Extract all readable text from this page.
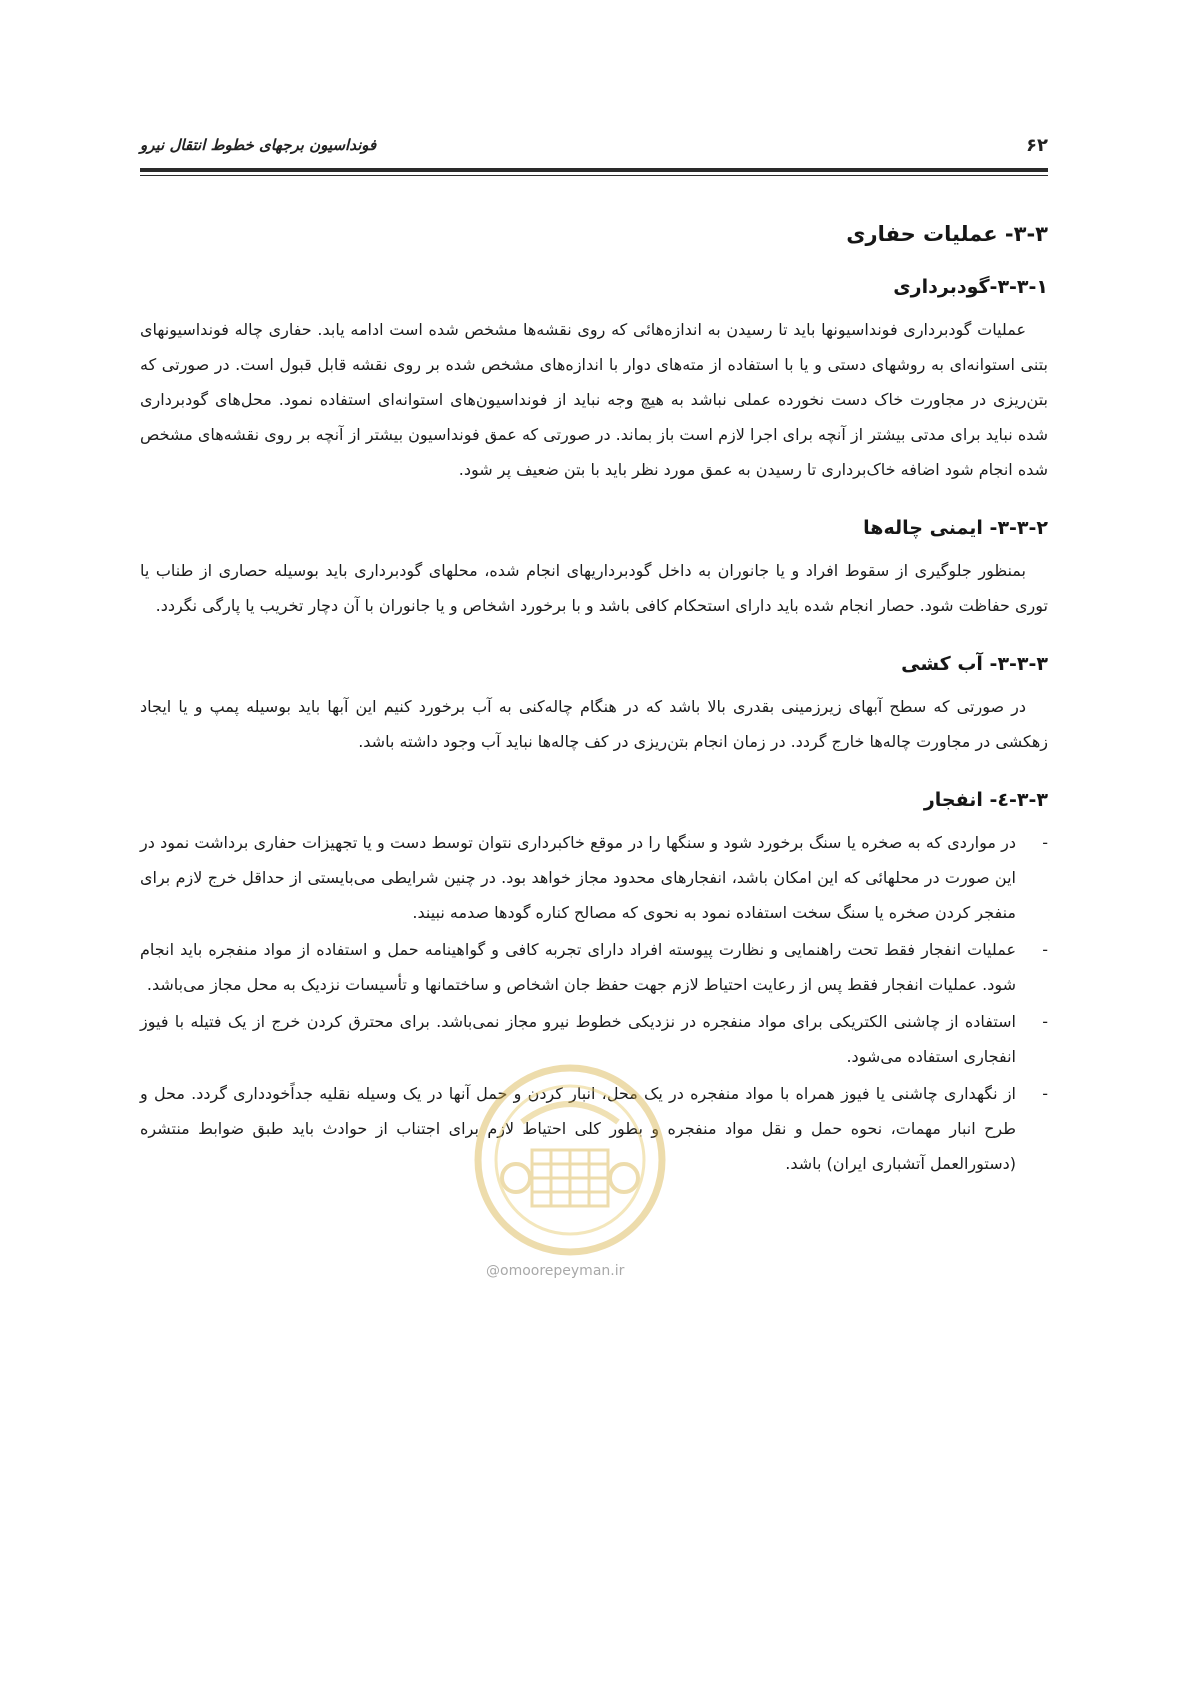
۶۲
فونداسیون برجهای خطوط انتقال نیرو
۳-۳- عملیات حفاری
۳-۳-۱-گودبرداری

عملیات گودبرداری فونداسیونها باید تا رسیدن به اندازه‌هائی که روی نقشه‌ها مشخص شده است ادامه یابد. حفاری چاله فونداسیونهای بتنی استوانه‌ای به روشهای دستی و یا با استفاده از مته‌های دوار با اندازه‌های مشخص شده بر روی نقشه قابل قبول است. در صورتی که بتن‌ریزی در مجاورت خاک دست نخورده عملی نباشد به هیچ وجه نباید از فونداسیون‌های استوانه‌ای استفاده نمود. محل‌های گودبرداری شده نباید برای مدتی بیشتر از آنچه برای اجرا لازم است باز بماند. در صورتی که عمق فونداسیون بیشتر از آنچه بر روی نقشه‌های مشخص شده انجام شود اضافه خاک‌برداری تا رسیدن به عمق مورد نظر باید با بتن ضعیف پر شود.

۳-۳-۲- ایمنی چاله‌ها

بمنظور جلوگیری از سقوط افراد و یا جانوران به داخل گودبرداریهای انجام شده، محلهای گودبرداری باید بوسیله حصاری از طناب یا توری حفاظت شود. حصار انجام شده باید دارای استحکام کافی باشد و با برخورد اشخاص و یا جانوران با آن دچار تخریب یا پارگی نگردد.

۳-۳-۳- آب کشی

در صورتی که سطح آبهای زیرزمینی بقدری بالا باشد که در هنگام چاله‌کنی به آب برخورد کنیم این آبها باید بوسیله پمپ و یا ایجاد زهکشی در مجاورت چاله‌ها خارج گردد. در زمان انجام بتن‌ریزی در کف چاله‌ها نباید آب وجود داشته باشد.

۳-۳-٤- انفجار
-
در مواردی که به صخره یا سنگ برخورد شود و سنگها را در موقع خاکبرداری نتوان توسط دست و یا تجهیزات حفاری برداشت نمود در این صورت در محلهائی که این امکان باشد، انفجارهای محدود مجاز خواهد بود. در چنین شرایطی می‌بایستی از حداقل خرج لازم برای منفجر کردن صخره یا سنگ سخت استفاده نمود به نحوی که مصالح کناره گودها صدمه نبیند.
-
عملیات انفجار فقط تحت راهنمایی و نظارت پیوسته افراد دارای تجربه کافی و گواهینامه حمل و استفاده از مواد منفجره باید انجام شود. عملیات انفجار فقط پس از رعایت احتیاط لازم جهت حفظ جان اشخاص و ساختمانها و تأسیسات نزدیک به محل مجاز می‌باشد.
-
استفاده از چاشنی الکتریکی برای مواد منفجره در نزدیکی خطوط نیرو مجاز نمی‌باشد. برای محترق کردن خرج از یک فتیله با فیوز انفجاری استفاده می‌شود.
-
از نگهداری چاشنی یا فیوز همراه با مواد منفجره در یک محل، انبار کردن و حمل آنها در یک وسیله نقلیه جداًخودداری گردد. محل و طرح انبار مهمات، نحوه حمل و نقل مواد منفجره و بطور کلی احتیاط لازم برای اجتناب از حوادث باید طبق ضوابط منتشره (دستورالعمل آتشباری ایران) باشد.
@omoorepeyman.ir
